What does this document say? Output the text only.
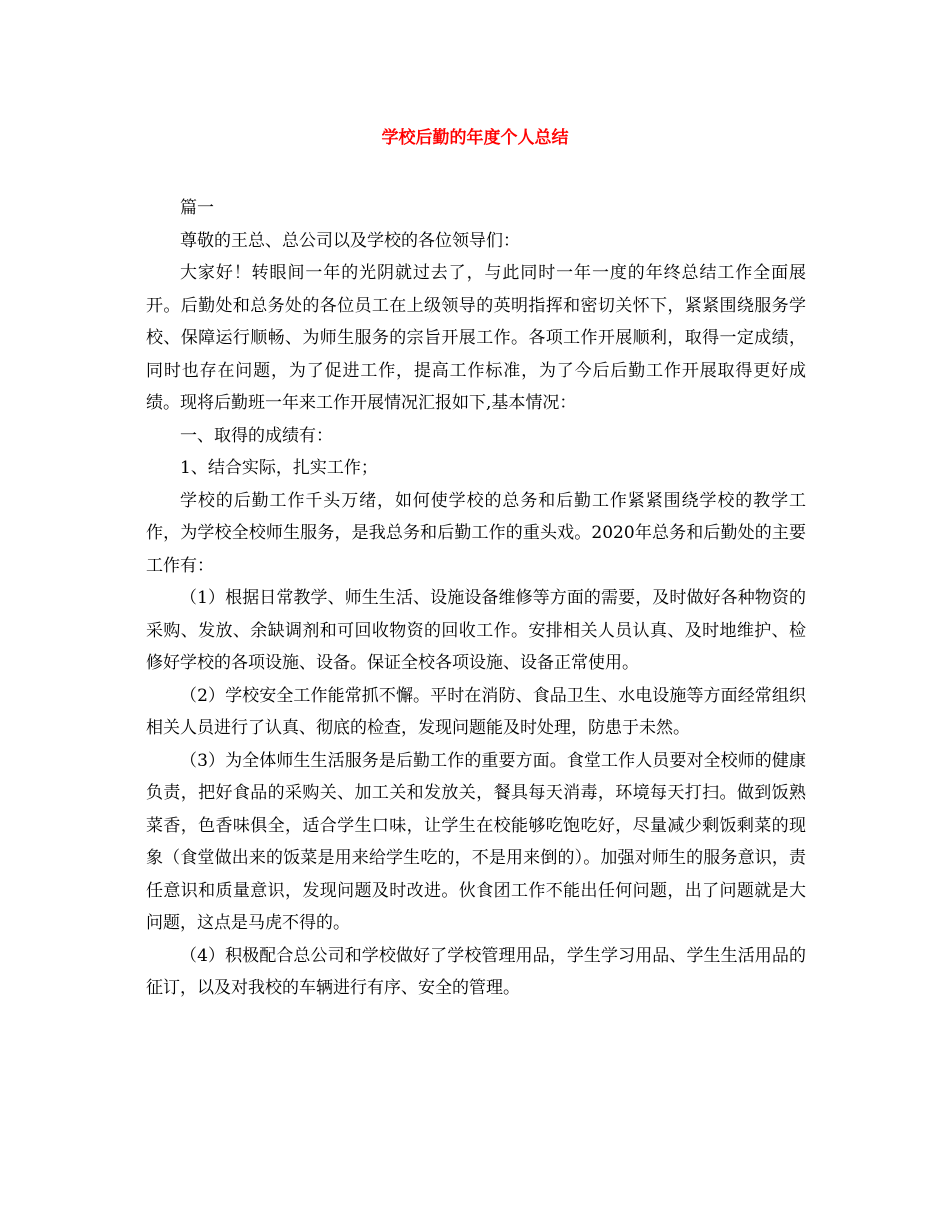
学校后勤的年度个人总结

篇一

尊敬的王总、总公司以及学校的各位领导们：

大家好！转眼间一年的光阴就过去了，与此同时一年一度的年终总结工作全面展开。后勤处和总务处的各位员工在上级领导的英明指挥和密切关怀下，紧紧围绕服务学校、保障运行顺畅、为师生服务的宗旨开展工作。各项工作开展顺利，取得一定成绩，同时也存在问题，为了促进工作，提高工作标准，为了今后后勤工作开展取得更好成绩。现将后勤班一年来工作开展情况汇报如下,基本情况：

一、取得的成绩有：

1、结合实际，扎实工作；

学校的后勤工作千头万绪，如何使学校的总务和后勤工作紧紧围绕学校的教学工作，为学校全校师生服务，是我总务和后勤工作的重头戏。2020年总务和后勤处的主要工作有：

（1）根据日常教学、师生生活、设施设备维修等方面的需要，及时做好各种物资的采购、发放、余缺调剂和可回收物资的回收工作。安排相关人员认真、及时地维护、检修好学校的各项设施、设备。保证全校各项设施、设备正常使用。

（2）学校安全工作能常抓不懈。平时在消防、食品卫生、水电设施等方面经常组织相关人员进行了认真、彻底的检查，发现问题能及时处理，防患于未然。

（3）为全体师生生活服务是后勤工作的重要方面。食堂工作人员要对全校师的健康负责，把好食品的采购关、加工关和发放关，餐具每天消毒，环境每天打扫。做到饭熟菜香，色香味俱全，适合学生口味，让学生在校能够吃饱吃好，尽量减少剩饭剩菜的现象（食堂做出来的饭菜是用来给学生吃的，不是用来倒的）。加强对师生的服务意识，责任意识和质量意识，发现问题及时改进。伙食团工作不能出任何问题，出了问题就是大问题，这点是马虎不得的。

（4）积极配合总公司和学校做好了学校管理用品，学生学习用品、学生生活用品的征订，以及对我校的车辆进行有序、安全的管理。
